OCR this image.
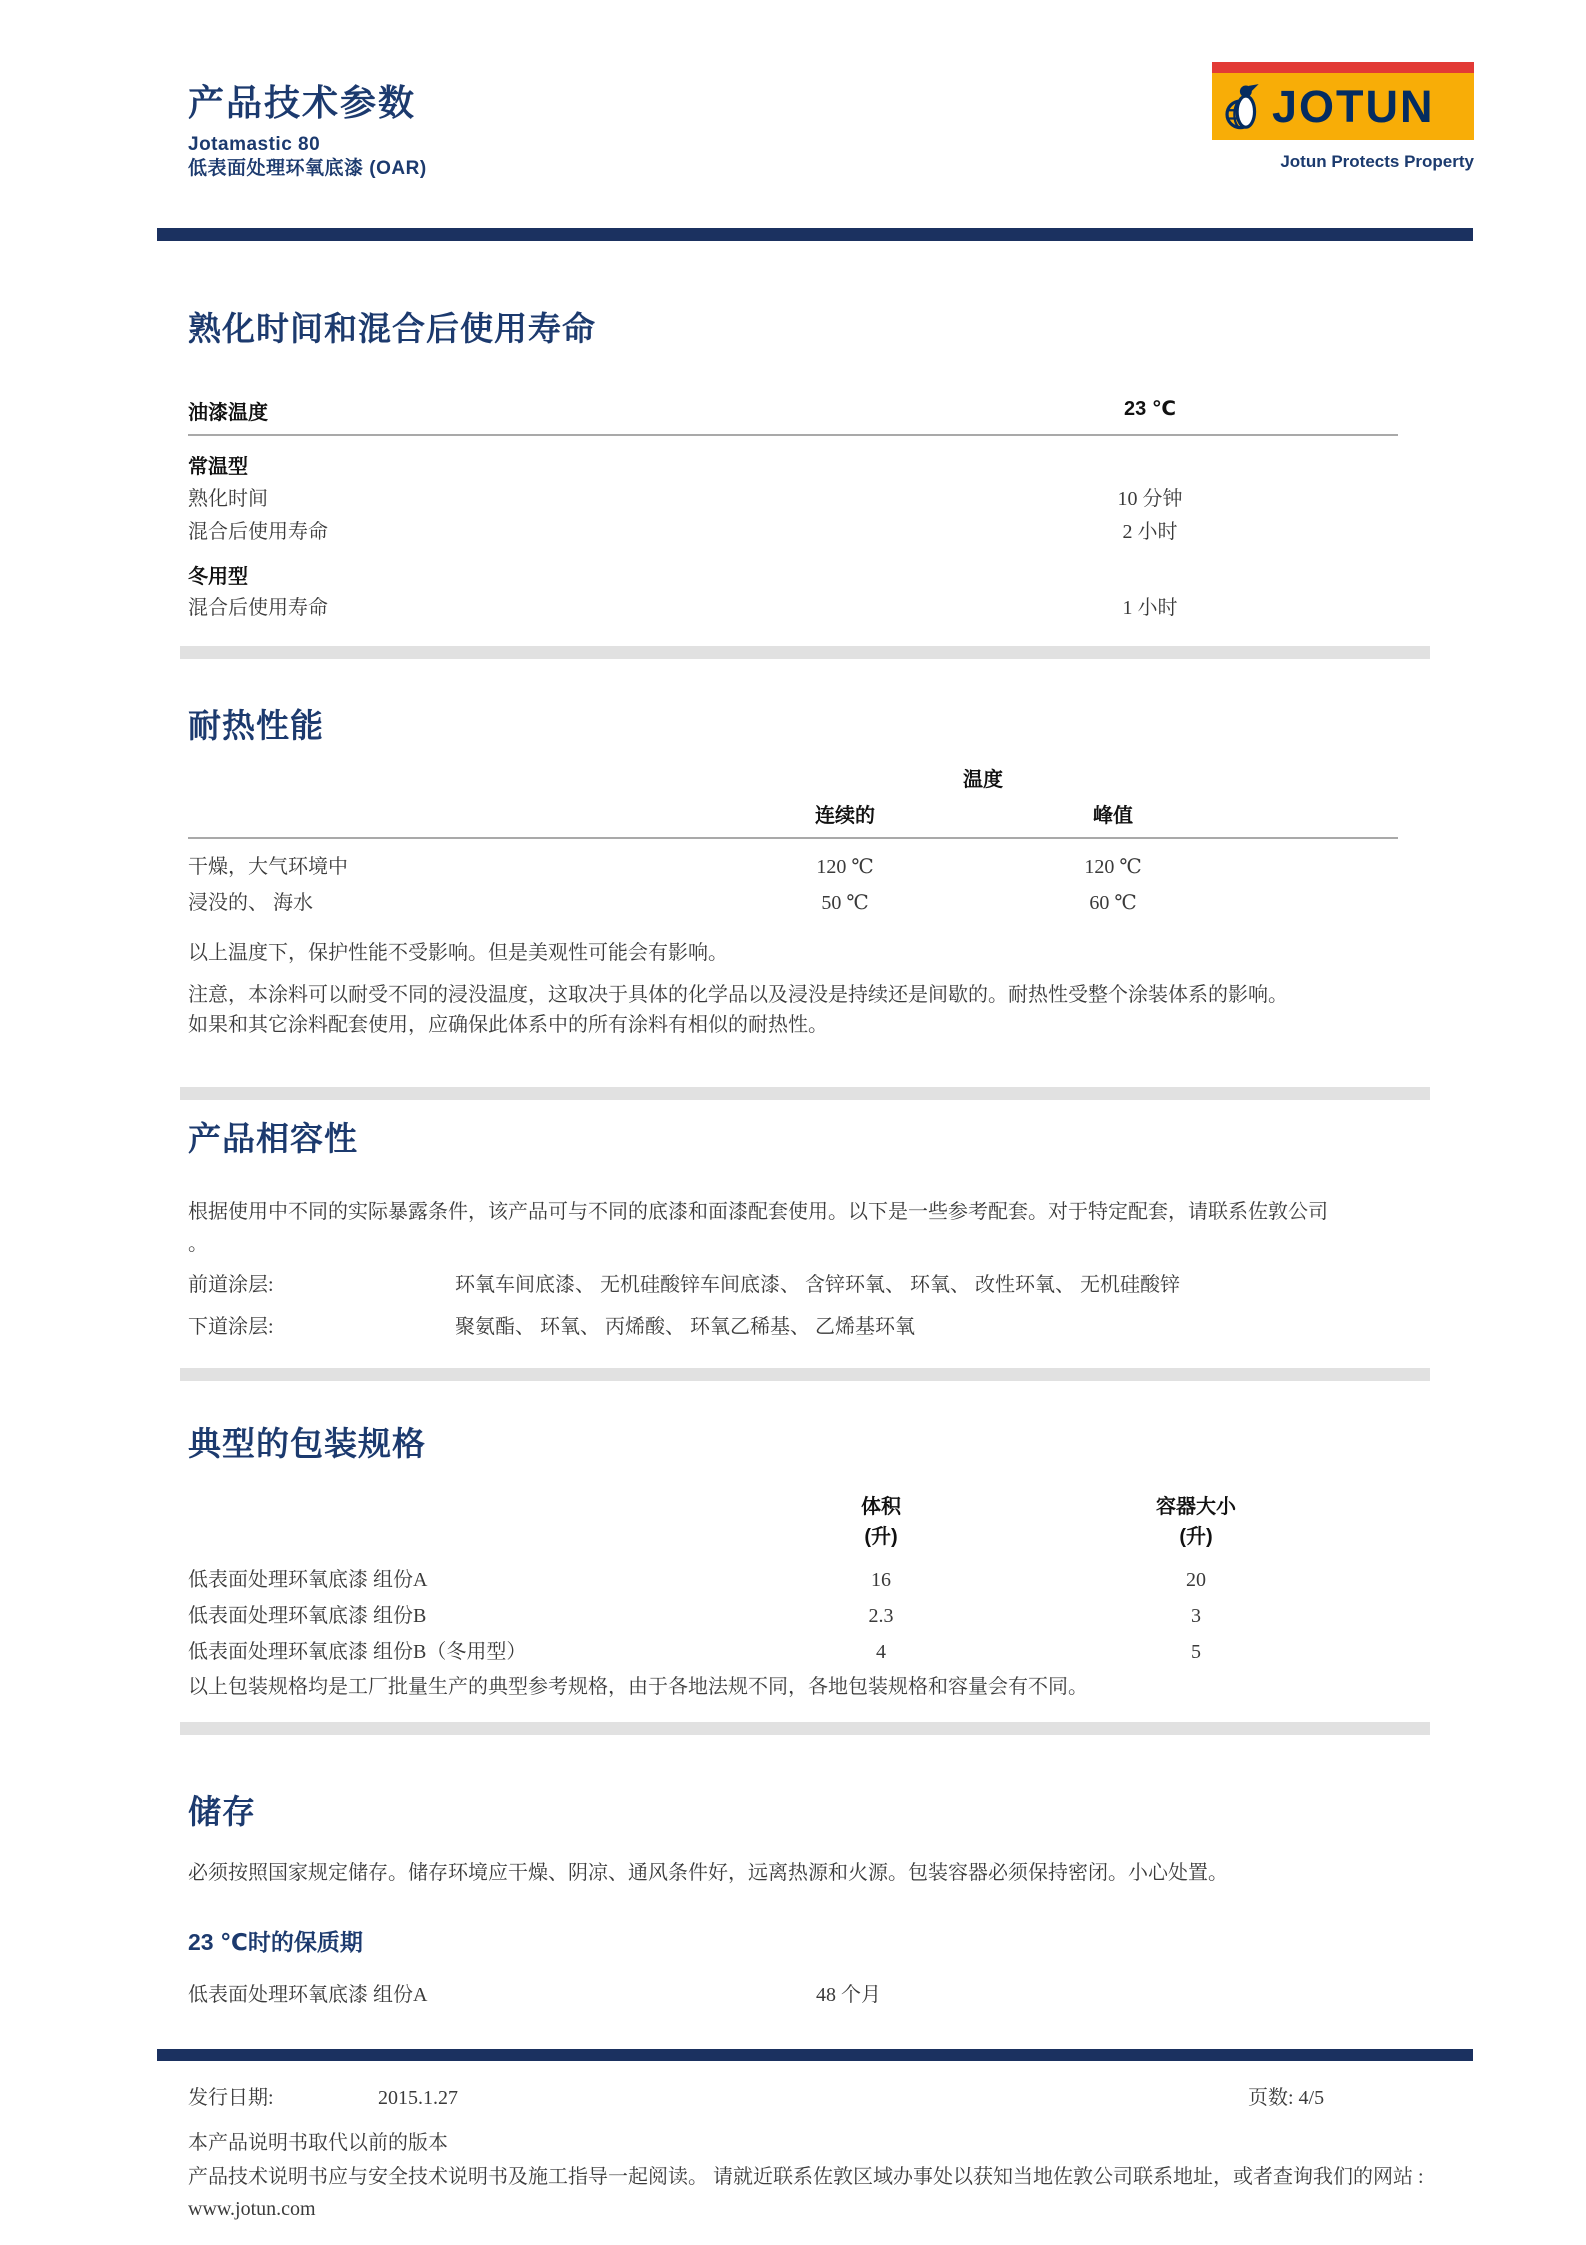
产品技术参数
Jotamastic 80
低表面处理环氧底漆 (OAR)
JOTUN
Jotun Protects Property
熟化时间和混合后使用寿命
油漆温度	23 ℃
常温型
熟化时间	10 分钟
混合后使用寿命	2 小时
冬用型
混合后使用寿命	1 小时
耐热性能
温度
连续的	峰值
干燥，大气环境中	120 ℃	120 ℃
浸没的、 海水	50 ℃	60 ℃
以上温度下，保护性能不受影响。但是美观性可能会有影响。
注意，本涂料可以耐受不同的浸没温度，这取决于具体的化学品以及浸没是持续还是间歇的。耐热性受整个涂装体系的影响。
如果和其它涂料配套使用，应确保此体系中的所有涂料有相似的耐热性。
产品相容性
根据使用中不同的实际暴露条件，该产品可与不同的底漆和面漆配套使用。以下是一些参考配套。对于特定配套，请联系佐敦公司
。
前道涂层:	环氧车间底漆、 无机硅酸锌车间底漆、 含锌环氧、 环氧、 改性环氧、 无机硅酸锌
下道涂层:	聚氨酯、 环氧、 丙烯酸、 环氧乙稀基、 乙烯基环氧
典型的包装规格
体积
(升)
容器大小
(升)
低表面处理环氧底漆 组份A	16	20
低表面处理环氧底漆 组份B	2.3	3
低表面处理环氧底漆 组份B（冬用型）	4	5
以上包装规格均是工厂批量生产的典型参考规格，由于各地法规不同，各地包装规格和容量会有不同。
储存
必须按照国家规定储存。储存环境应干燥、阴凉、通风条件好，远离热源和火源。包装容器必须保持密闭。小心处置。
23 ℃时的保质期
低表面处理环氧底漆 组份A	48 个月
发行日期:	2015.1.27	页数: 4/5
本产品说明书取代以前的版本
产品技术说明书应与安全技术说明书及施工指导一起阅读。 请就近联系佐敦区域办事处以获知当地佐敦公司联系地址，或者查询我们的网站 :
www.jotun.com
